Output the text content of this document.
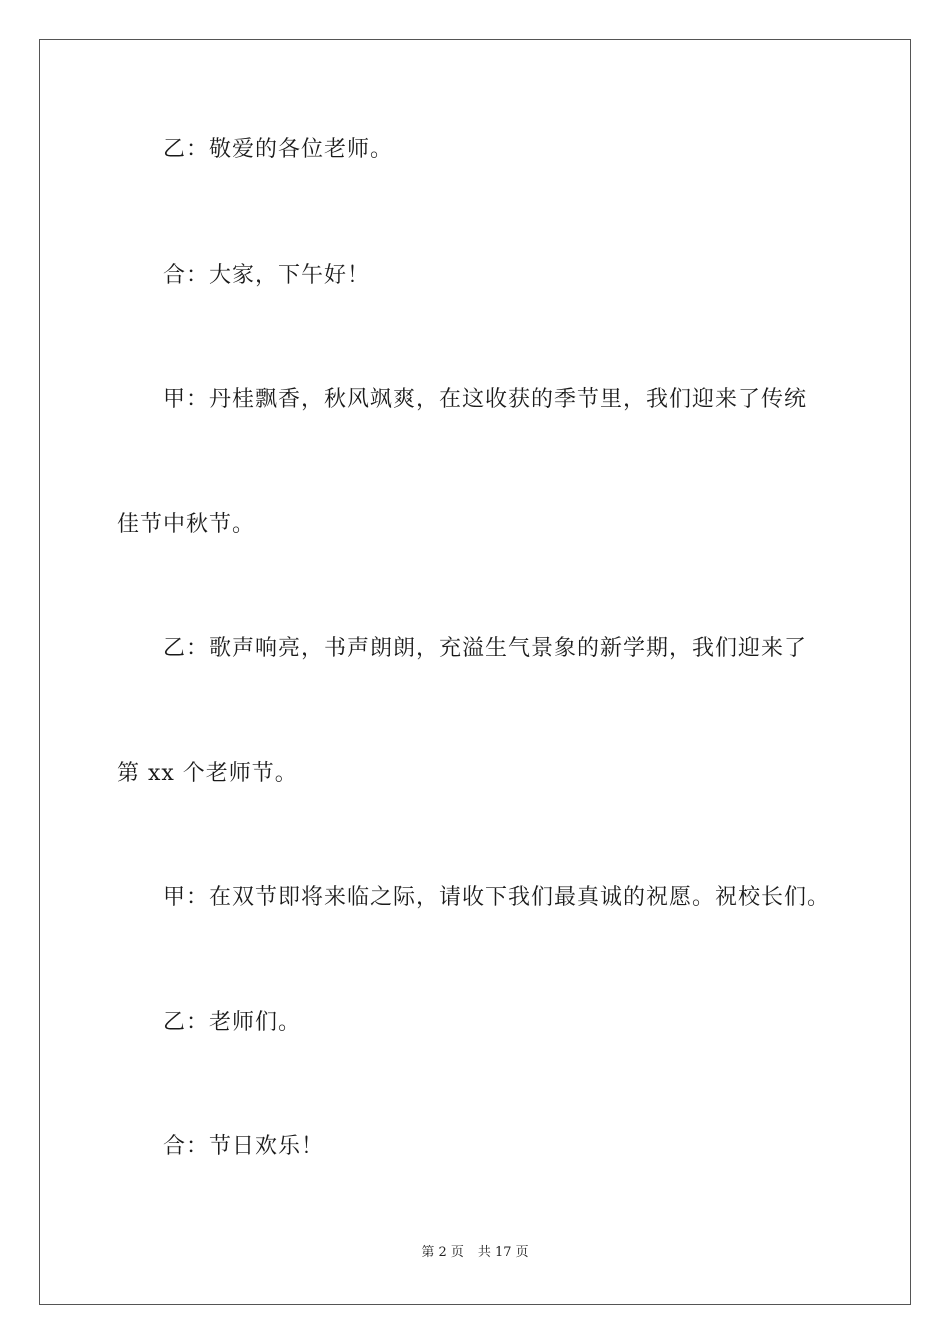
乙：敬爱的各位老师。
合：大家，下午好！
甲：丹桂飘香，秋风飒爽，在这收获的季节里，我们迎来了传统
佳节中秋节。
乙：歌声响亮，书声朗朗，充溢生气景象的新学期，我们迎来了
第 xx 个老师节。
甲：在双节即将来临之际，请收下我们最真诚的祝愿。祝校长们。
乙：老师们。
合：节日欢乐！
第 2 页 共 17 页
